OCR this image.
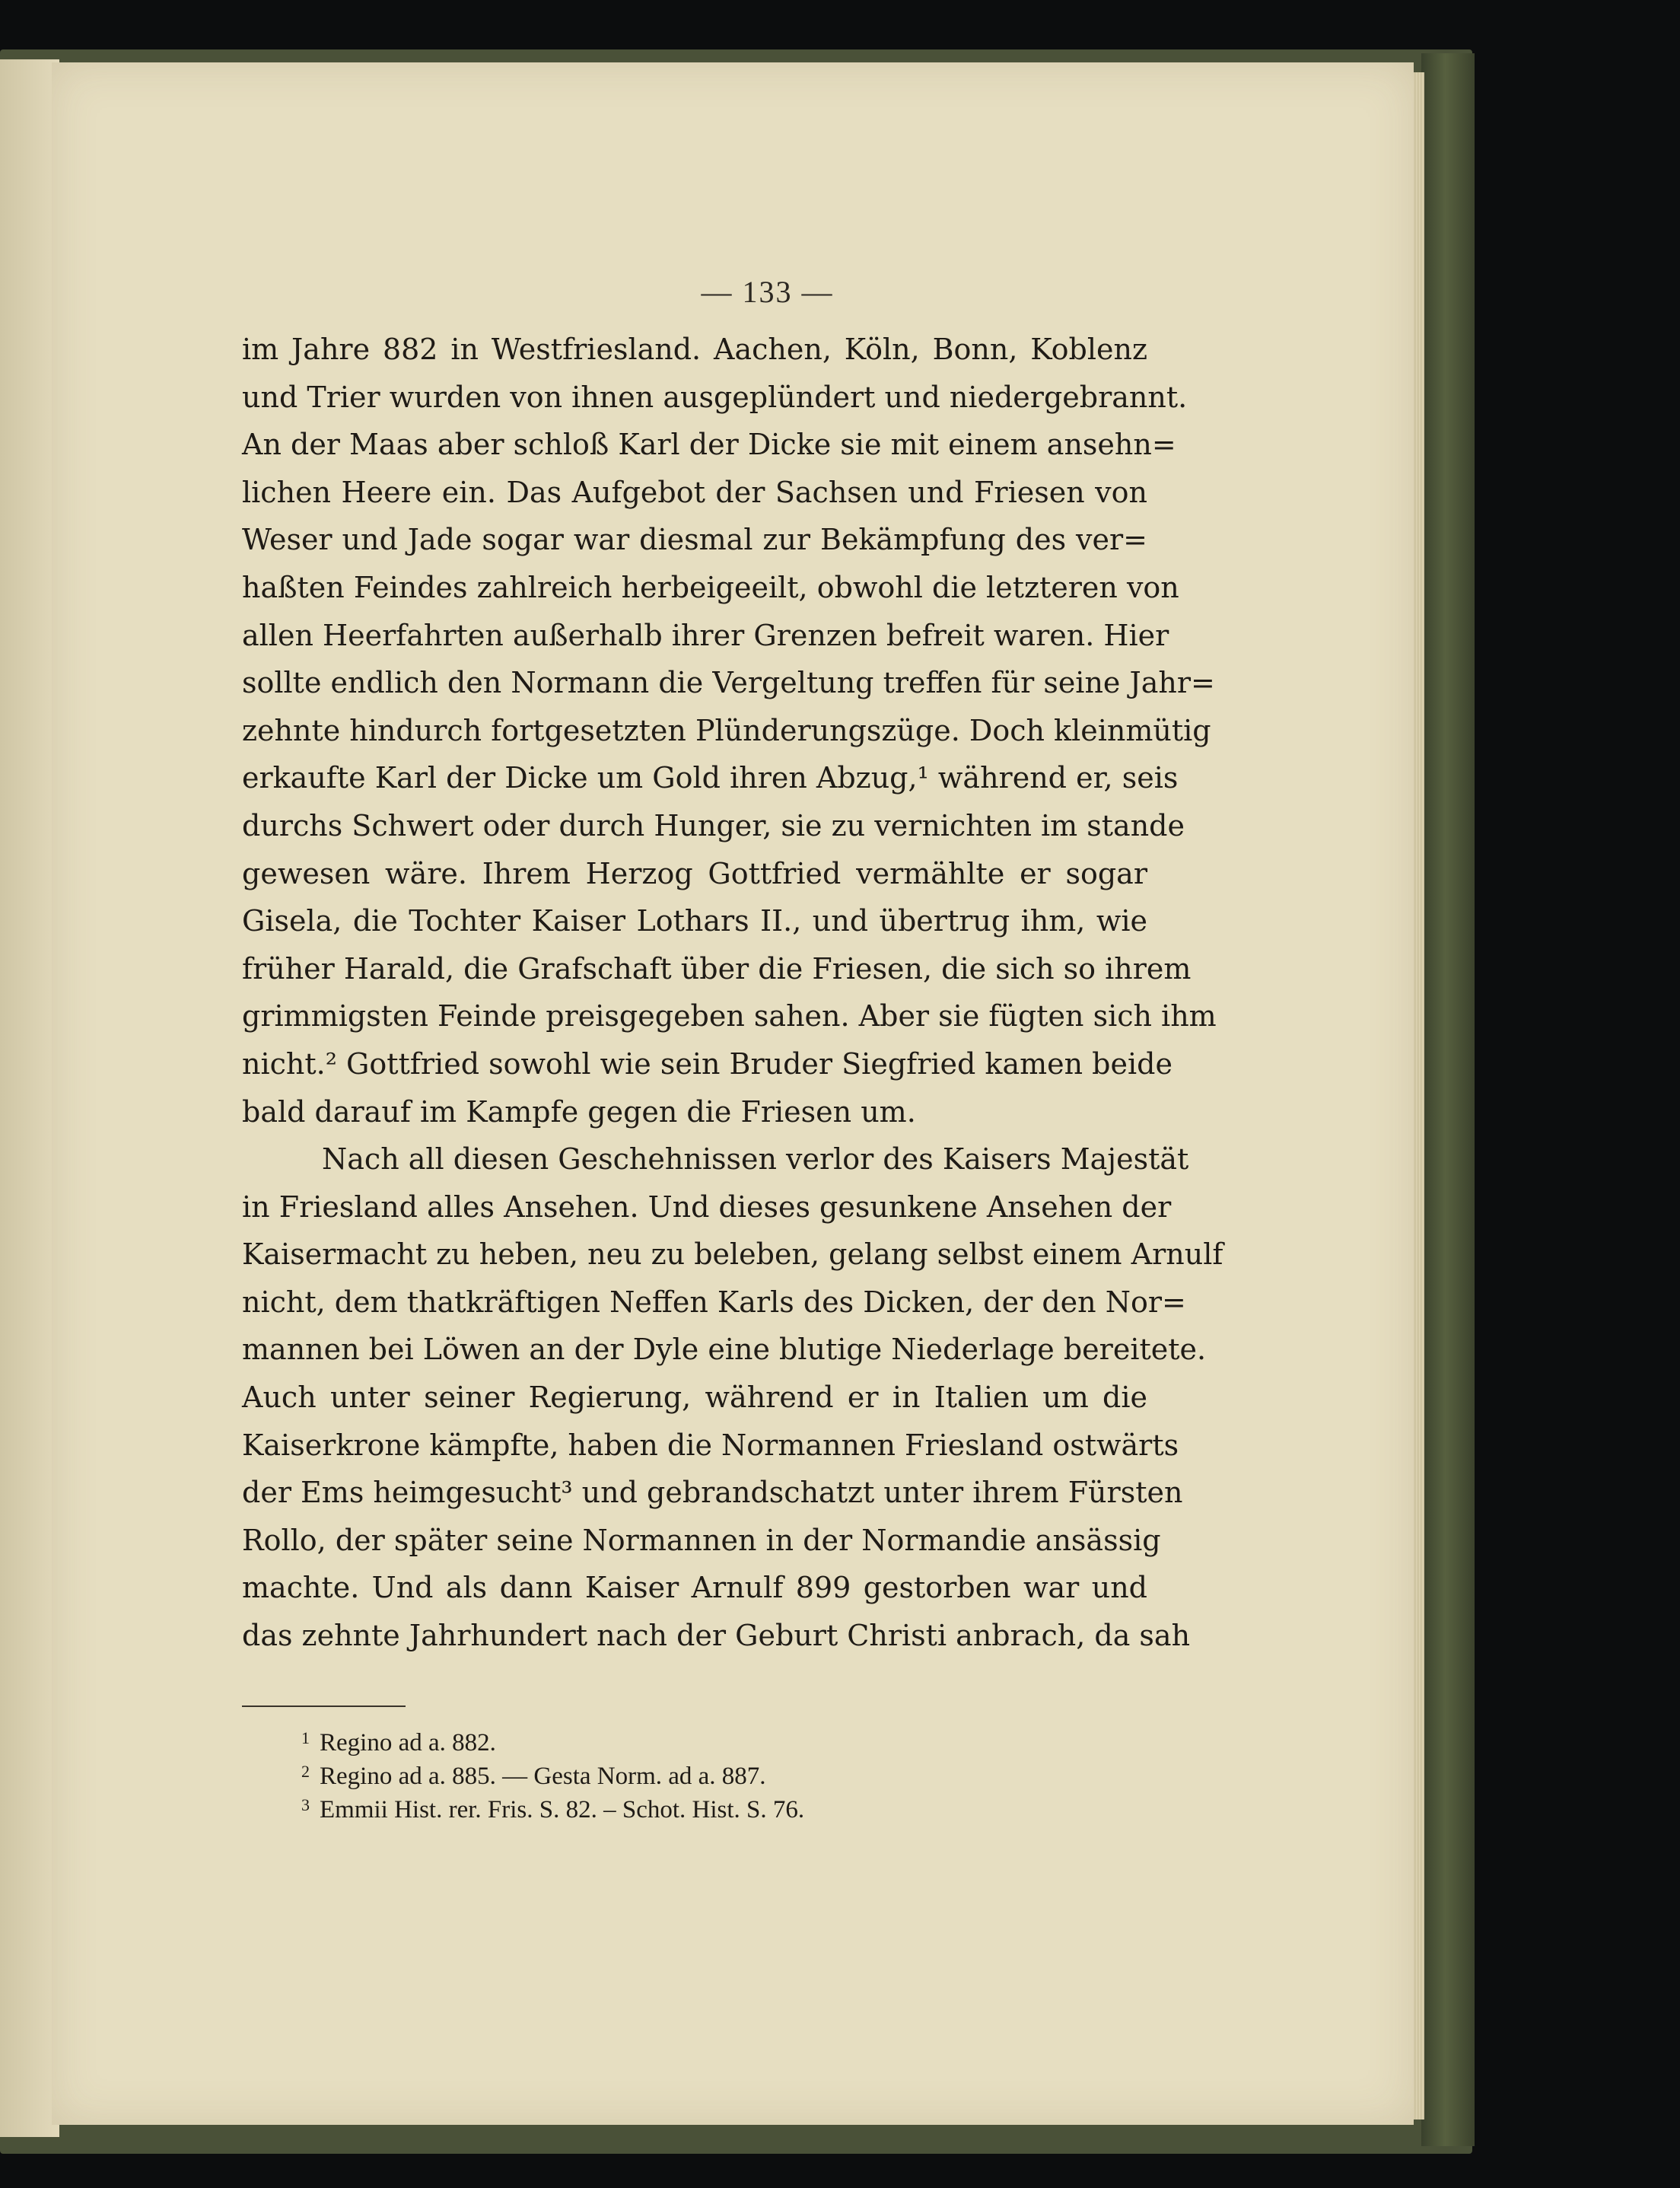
— 133 —
im Jahre 882 in Westfriesland. Aachen, Köln, Bonn, Koblenz
und Trier wurden von ihnen ausgeplündert und niedergebrannt.
An der Maas aber schloß Karl der Dicke sie mit einem ansehn=
lichen Heere ein. Das Aufgebot der Sachsen und Friesen von
Weser und Jade sogar war diesmal zur Bekämpfung des ver=
haßten Feindes zahlreich herbeigeeilt, obwohl die letzteren von
allen Heerfahrten außerhalb ihrer Grenzen befreit waren. Hier
sollte endlich den Normann die Vergeltung treffen für seine Jahr=
zehnte hindurch fortgesetzten Plünderungszüge. Doch kleinmütig
erkaufte Karl der Dicke um Gold ihren Abzug,¹ während er, seis
durchs Schwert oder durch Hunger, sie zu vernichten im stande
gewesen wäre. Ihrem Herzog Gottfried vermählte er sogar
Gisela, die Tochter Kaiser Lothars II., und übertrug ihm, wie
früher Harald, die Grafschaft über die Friesen, die sich so ihrem
grimmigsten Feinde preisgegeben sahen. Aber sie fügten sich ihm
nicht.² Gottfried sowohl wie sein Bruder Siegfried kamen beide
bald darauf im Kampfe gegen die Friesen um.
Nach all diesen Geschehnissen verlor des Kaisers Majestät
in Friesland alles Ansehen. Und dieses gesunkene Ansehen der
Kaisermacht zu heben, neu zu beleben, gelang selbst einem Arnulf
nicht, dem thatkräftigen Neffen Karls des Dicken, der den Nor=
mannen bei Löwen an der Dyle eine blutige Niederlage bereitete.
Auch unter seiner Regierung, während er in Italien um die
Kaiserkrone kämpfte, haben die Normannen Friesland ostwärts
der Ems heimgesucht³ und gebrandschatzt unter ihrem Fürsten
Rollo, der später seine Normannen in der Normandie ansässig
machte. Und als dann Kaiser Arnulf 899 gestorben war und
das zehnte Jahrhundert nach der Geburt Christi anbrach, da sah
1 Regino ad a. 882.
2 Regino ad a. 885. — Gesta Norm. ad a. 887.
3 Emmii Hist. rer. Fris. S. 82. – Schot. Hist. S. 76.
